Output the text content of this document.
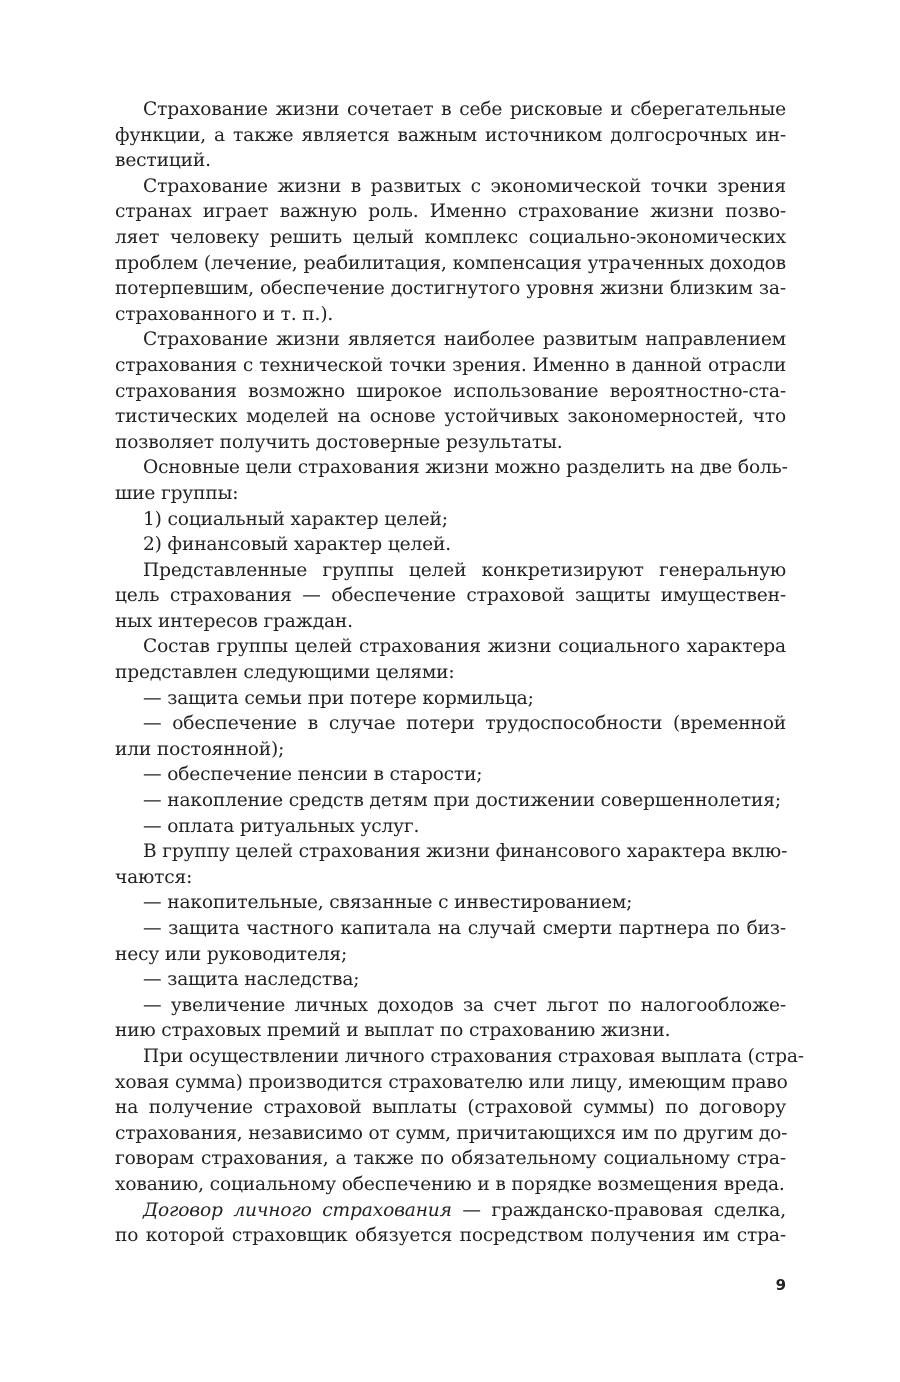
Страхование жизни сочетает в себе рисковые и сберегательные
функции, а также является важным источником долгосрочных ин-
вестиций.
Страхование жизни в развитых с экономической точки зрения
странах играет важную роль. Именно страхование жизни позво-
ляет человеку решить целый комплекс социально-экономических
проблем (лечение, реабилитация, компенсация утраченных доходов
потерпевшим, обеспечение достигнутого уровня жизни близким за-
страхованного и т. п.).
Страхование жизни является наиболее развитым направлением
страхования с технической точки зрения. Именно в данной отрасли
страхования возможно широкое использование вероятностно-ста-
тистических моделей на основе устойчивых закономерностей, что
позволяет получить достоверные результаты.
Основные цели страхования жизни можно разделить на две боль-
шие группы:
1) социальный характер целей;
2) финансовый характер целей.
Представленные группы целей конкретизируют генеральную
цель страхования — обеспечение страховой защиты имуществен-
ных интересов граждан.
Состав группы целей страхования жизни социального характера
представлен следующими целями:
— защита семьи при потере кормильца;
— обеспечение в случае потери трудоспособности (временной
или постоянной);
— обеспечение пенсии в старости;
— накопление средств детям при достижении совершеннолетия;
— оплата ритуальных услуг.
В группу целей страхования жизни финансового характера вклю-
чаются:
— накопительные, связанные с инвестированием;
— защита частного капитала на случай смерти партнера по биз-
несу или руководителя;
— защита наследства;
— увеличение личных доходов за счет льгот по налогообложе-
нию страховых премий и выплат по страхованию жизни.
При осуществлении личного страхования страховая выплата (стра-
ховая сумма) производится страхователю или лицу, имеющим право
на получение страховой выплаты (страховой суммы) по договору
страхования, независимо от сумм, причитающихся им по другим до-
говорам страхования, а также по обязательному социальному стра-
хованию, социальному обеспечению и в порядке возмещения вреда.
Договор личного страхования — гражданско-правовая сделка,
по которой страховщик обязуется посредством получения им стра-
9
